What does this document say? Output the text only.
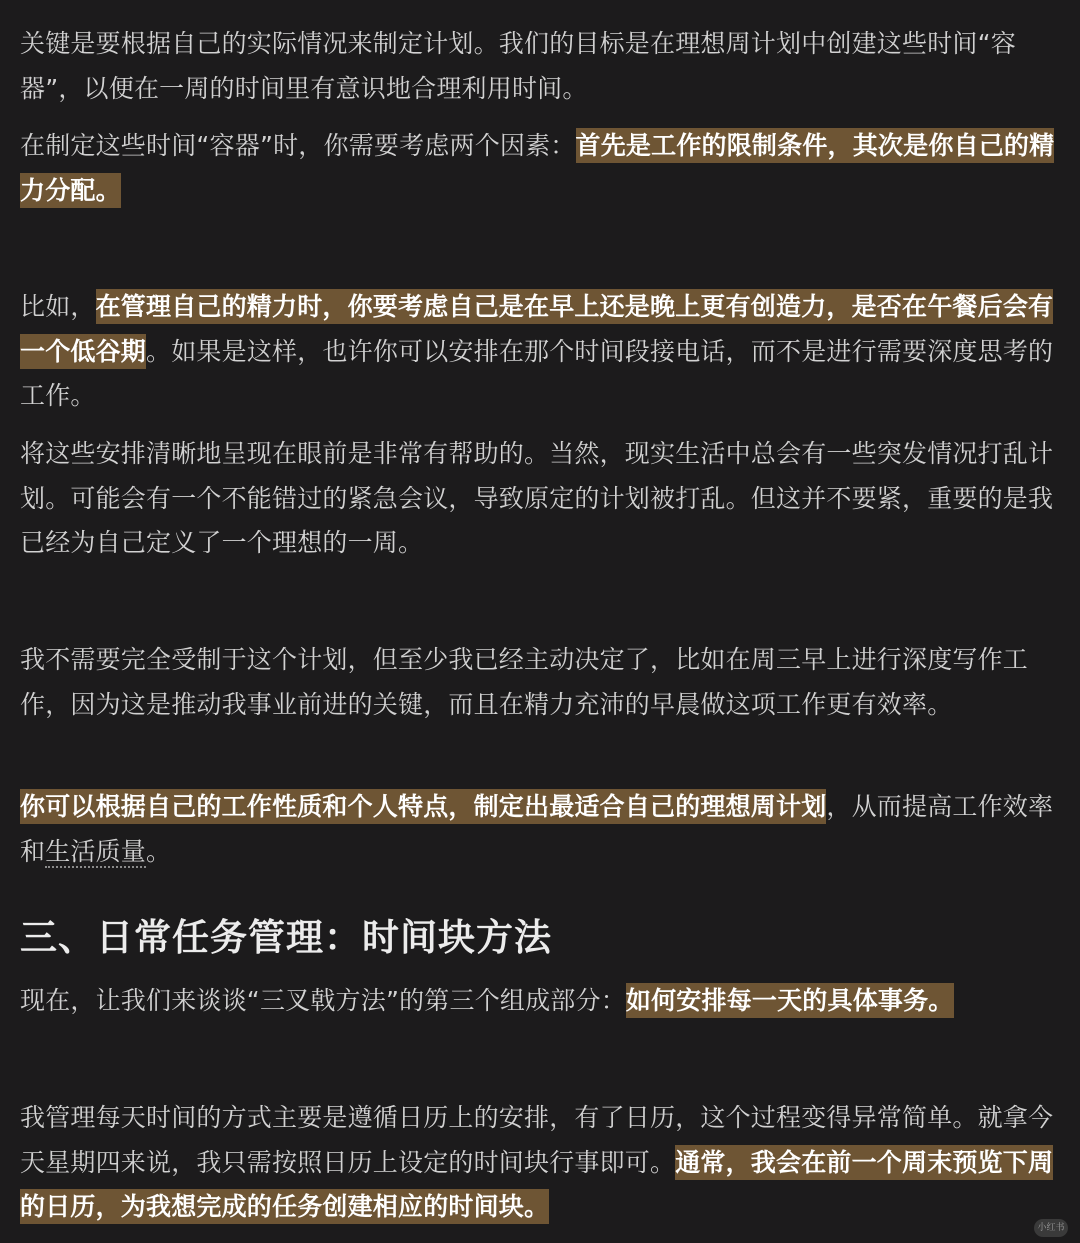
关键是要根据自己的实际情况来制定计划。我们的目标是在理想周计划中创建这些时间“容器”，以便在一周的时间里有意识地合理利用时间。

在制定这些时间“容器”时，你需要考虑两个因素：首先是工作的限制条件，其次是你自己的精力分配。

比如，在管理自己的精力时，你要考虑自己是在早上还是晚上更有创造力，是否在午餐后会有一个低谷期。如果是这样，也许你可以安排在那个时间段接电话，而不是进行需要深度思考的工作。

将这些安排清晰地呈现在眼前是非常有帮助的。当然，现实生活中总会有一些突发情况打乱计划。可能会有一个不能错过的紧急会议，导致原定的计划被打乱。但这并不要紧，重要的是我已经为自己定义了一个理想的一周。

我不需要完全受制于这个计划，但至少我已经主动决定了，比如在周三早上进行深度写作工作，因为这是推动我事业前进的关键，而且在精力充沛的早晨做这项工作更有效率。

你可以根据自己的工作性质和个人特点，制定出最适合自己的理想周计划，从而提高工作效率和生活质量。

三、日常任务管理：时间块方法

现在，让我们来谈谈“三叉戟方法”的第三个组成部分：如何安排每一天的具体事务。

我管理每天时间的方式主要是遵循日历上的安排，有了日历，这个过程变得异常简单。就拿今天星期四来说，我只需按照日历上设定的时间块行事即可。通常，我会在前一个周末预览下周的日历，为我想完成的任务创建相应的时间块。

小红书
